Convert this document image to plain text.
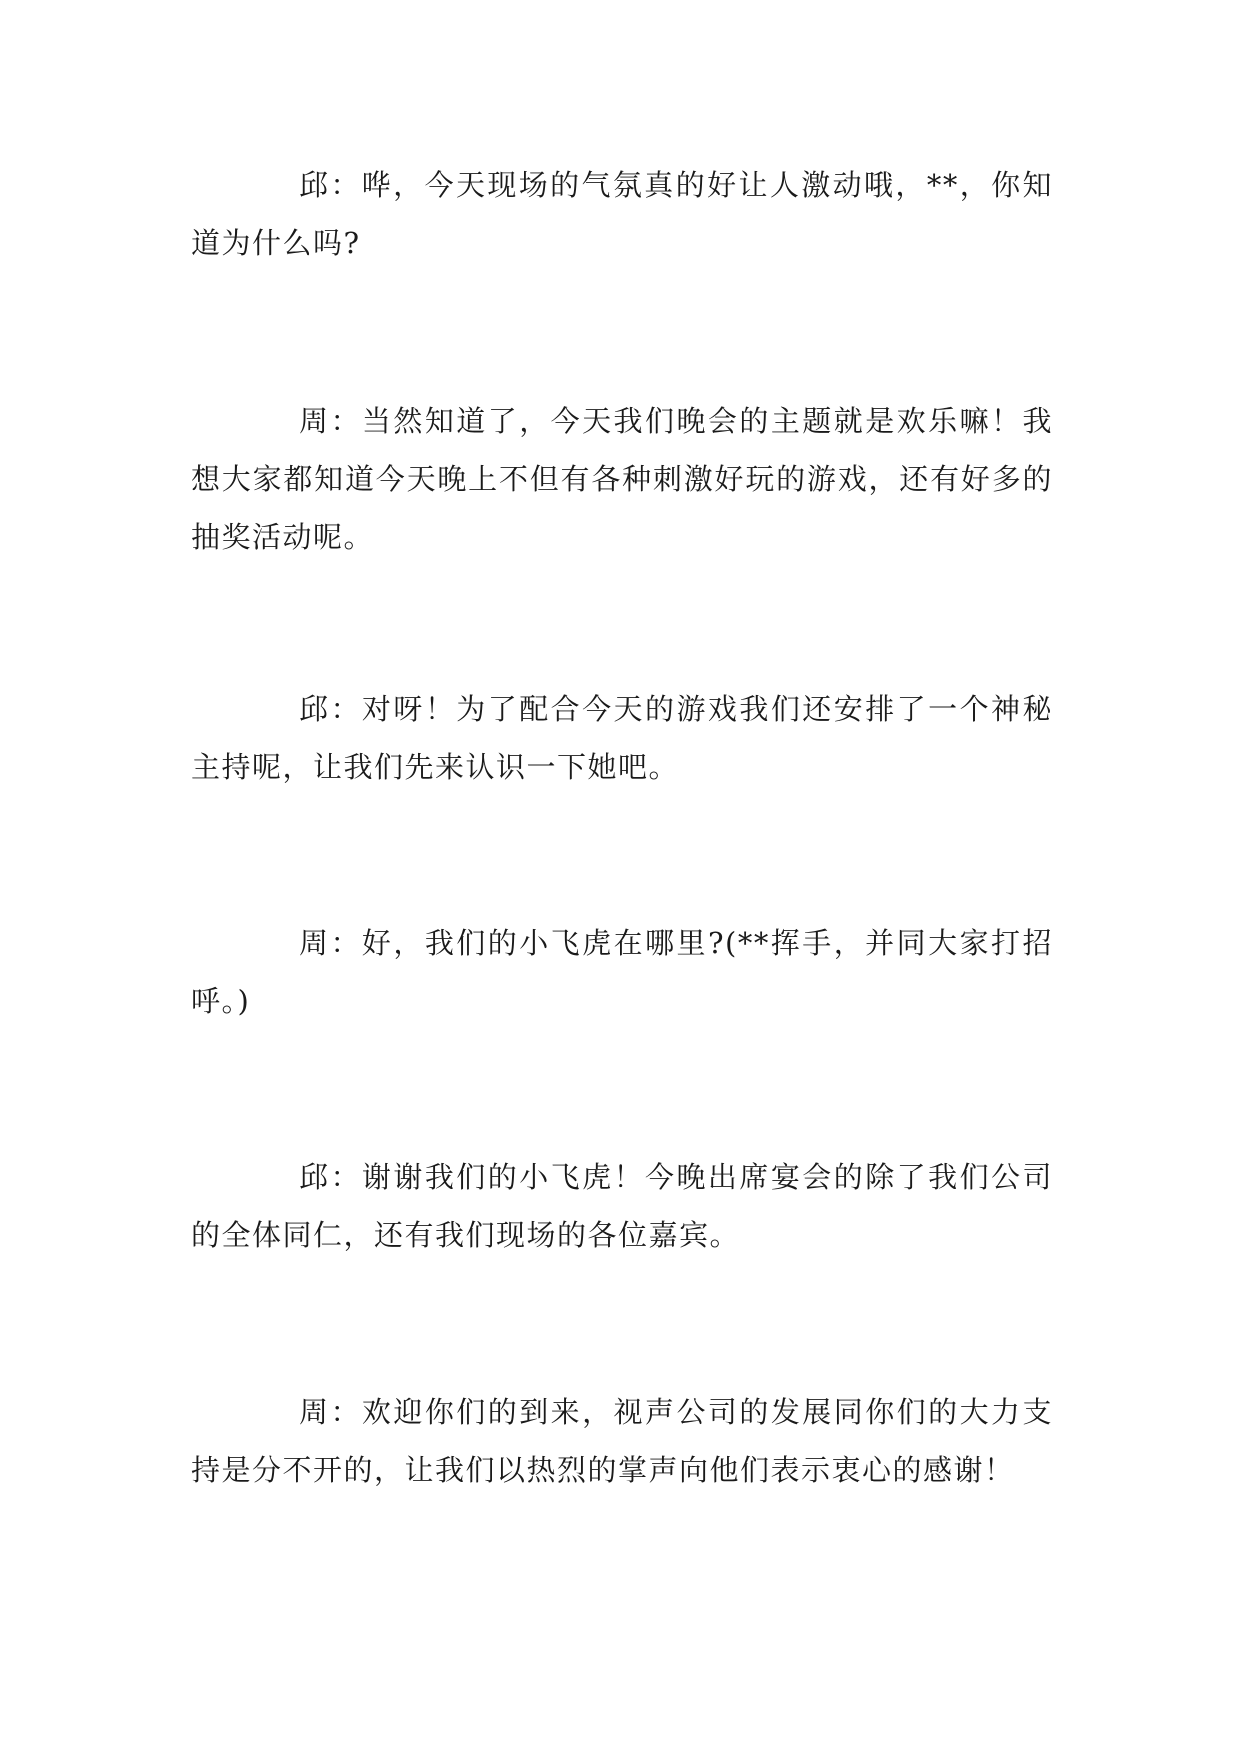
邱：哗，今天现场的气氛真的好让人激动哦，**，你知道为什么吗?

周：当然知道了，今天我们晚会的主题就是欢乐嘛！我想大家都知道今天晚上不但有各种刺激好玩的游戏，还有好多的抽奖活动呢。

邱：对呀！为了配合今天的游戏我们还安排了一个神秘主持呢，让我们先来认识一下她吧。

周：好，我们的小飞虎在哪里?(**挥手，并同大家打招呼。)

邱：谢谢我们的小飞虎！今晚出席宴会的除了我们公司的全体同仁，还有我们现场的各位嘉宾。

周：欢迎你们的到来，视声公司的发展同你们的大力支持是分不开的，让我们以热烈的掌声向他们表示衷心的感谢！
